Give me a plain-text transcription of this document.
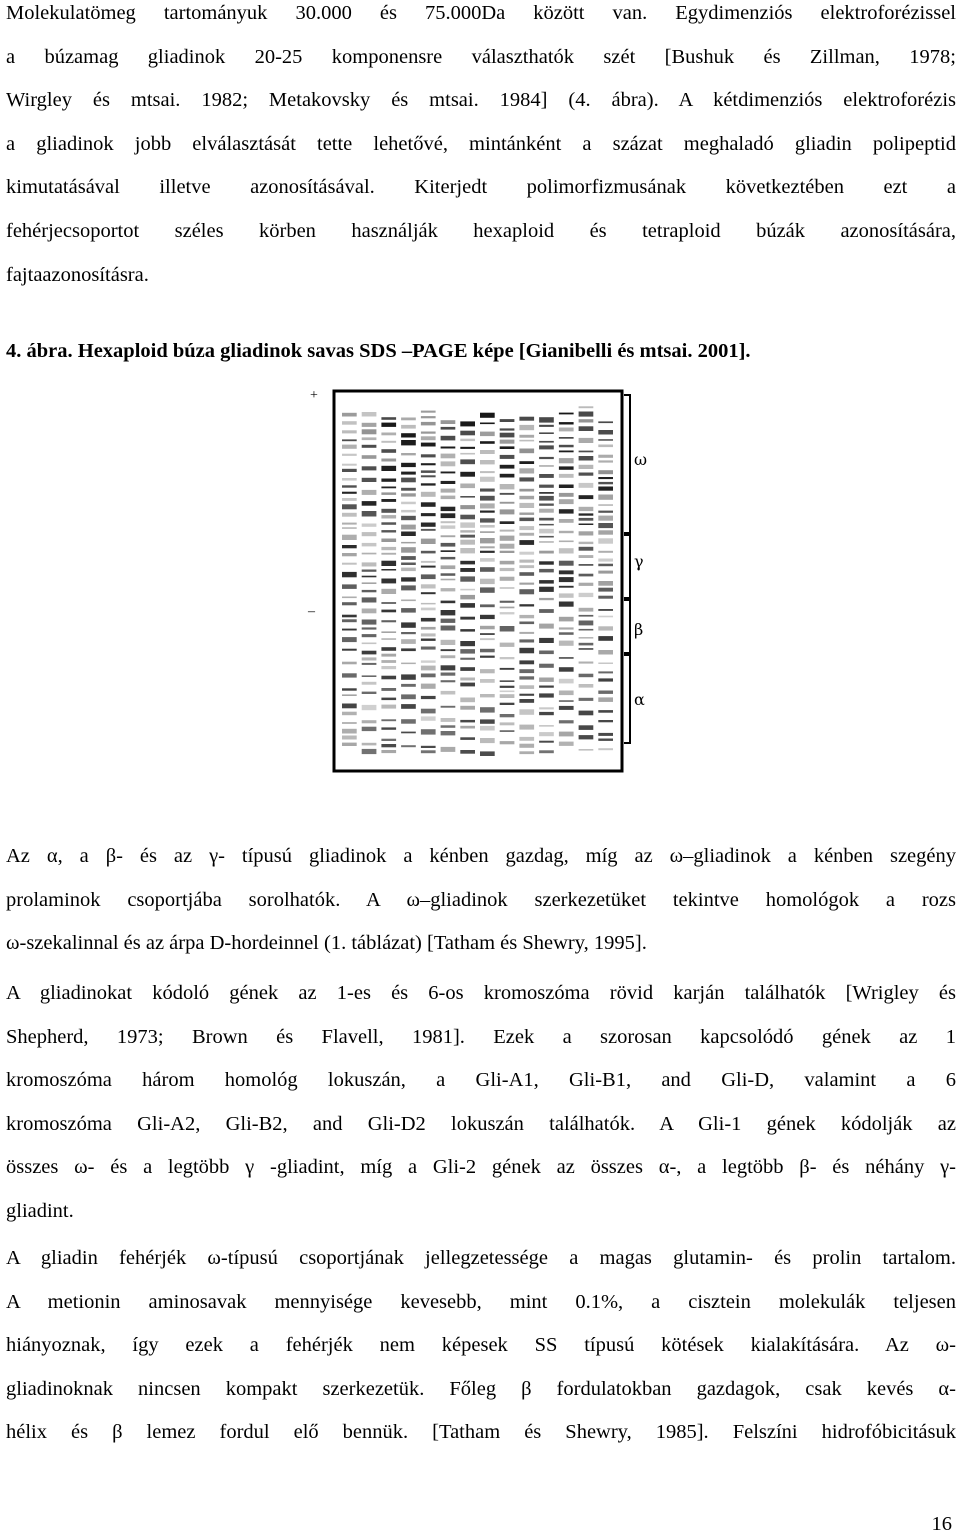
Molekulatömeg tartományuk 30.000 és 75.000Da között van. Egydimenziós elektroforézissel
a búzamag gliadinok 20-25 komponensre választhatók szét [Bushuk és Zillman, 1978;
Wirgley és mtsai. 1982; Metakovsky és mtsai. 1984] (4. ábra). A kétdimenziós elektroforézis
a gliadinok jobb elválasztását tette lehetővé, mintánként a százat meghaladó gliadin polipeptid
kimutatásával illetve azonosításával. Kiterjedt polimorfizmusának következtében ezt a
fehérjecsoportot széles körben használják hexaploid és tetraploid búzák azonosítására,
fajtaazonosításra.
4. ábra. Hexaploid búza gliadinok savas SDS –PAGE képe [Gianibelli és mtsai. 2001].
+
–
ω
γ
β
α
Az α, a β- és az γ- típusú gliadinok a kénben gazdag, míg az ω–gliadinok a kénben szegény
prolaminok csoportjába sorolhatók. A ω–gliadinok szerkezetüket tekintve homológok a rozs
ω-szekalinnal és az árpa D-hordeinnel (1. táblázat) [Tatham és Shewry, 1995].
A gliadinokat kódoló gének az 1-es és 6-os kromoszóma rövid karján találhatók [Wrigley és
Shepherd, 1973; Brown és Flavell, 1981]. Ezek a szorosan kapcsolódó gének az 1
kromoszóma három homológ lokuszán, a Gli-A1, Gli-B1, and Gli-D, valamint a 6
kromoszóma Gli-A2, Gli-B2, and Gli-D2 lokuszán találhatók. A Gli-1 gének kódolják az
összes ω- és a legtöbb γ -gliadint, míg a Gli-2 gének az összes α-, a legtöbb β- és néhány γ-
gliadint.
A gliadin fehérjék ω-típusú csoportjának jellegzetessége a magas glutamin- és prolin tartalom.
A metionin aminosavak mennyisége kevesebb, mint 0.1%, a cisztein molekulák teljesen
hiányoznak, így ezek a fehérjék nem képesek SS típusú kötések kialakítására. Az ω-
gliadinoknak nincsen kompakt szerkezetük. Főleg β fordulatokban gazdagok, csak kevés α-
hélix és β lemez fordul elő bennük. [Tatham és Shewry, 1985]. Felszíni hidrofóbicitásuk
16
